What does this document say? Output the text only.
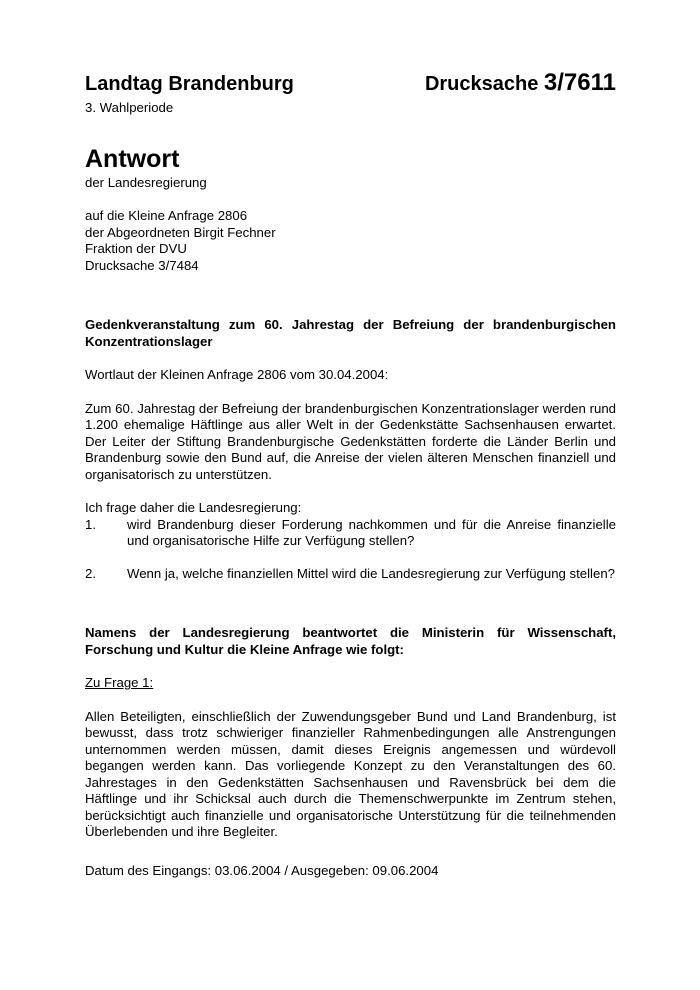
Landtag Brandenburg	Drucksache 3/7611
3. Wahlperiode
Antwort
der Landesregierung
auf die Kleine Anfrage 2806
der Abgeordneten Birgit Fechner
Fraktion der DVU
Drucksache 3/7484
Gedenkveranstaltung zum 60. Jahrestag der Befreiung der brandenburgischen Konzentrationslager
Wortlaut der Kleinen Anfrage 2806 vom 30.04.2004:
Zum 60. Jahrestag der Befreiung der brandenburgischen Konzentrationslager werden rund 1.200 ehemalige Häftlinge aus aller Welt in der Gedenkstätte Sachsenhausen erwartet. Der Leiter der Stiftung Brandenburgische Gedenkstätten forderte die Länder Berlin und Brandenburg sowie den Bund auf, die Anreise der vielen älteren Menschen finanziell und organisatorisch zu unterstützen.
Ich frage daher die Landesregierung:
1.	wird Brandenburg dieser Forderung nachkommen und für die Anreise finanzielle und organisatorische Hilfe zur Verfügung stellen?
2.	Wenn ja, welche finanziellen Mittel wird die Landesregierung zur Verfügung stellen?
Namens der Landesregierung beantwortet die Ministerin für Wissenschaft, Forschung und Kultur die Kleine Anfrage wie folgt:
Zu Frage 1:
Allen Beteiligten, einschließlich der Zuwendungsgeber Bund und Land Brandenburg, ist bewusst, dass trotz schwieriger finanzieller Rahmenbedingungen alle Anstrengungen unternommen werden müssen, damit dieses Ereignis angemessen und würdevoll begangen werden kann. Das vorliegende Konzept zu den Veranstaltungen des 60. Jahrestages in den Gedenkstätten Sachsenhausen und Ravensbrück bei dem die Häftlinge und ihr Schicksal auch durch die Themenschwerpunkte im Zentrum stehen, berücksichtigt auch finanzielle und organisatorische Unterstützung für die teilnehmenden Überlebenden und ihre Begleiter.
Datum des Eingangs: 03.06.2004 / Ausgegeben: 09.06.2004
